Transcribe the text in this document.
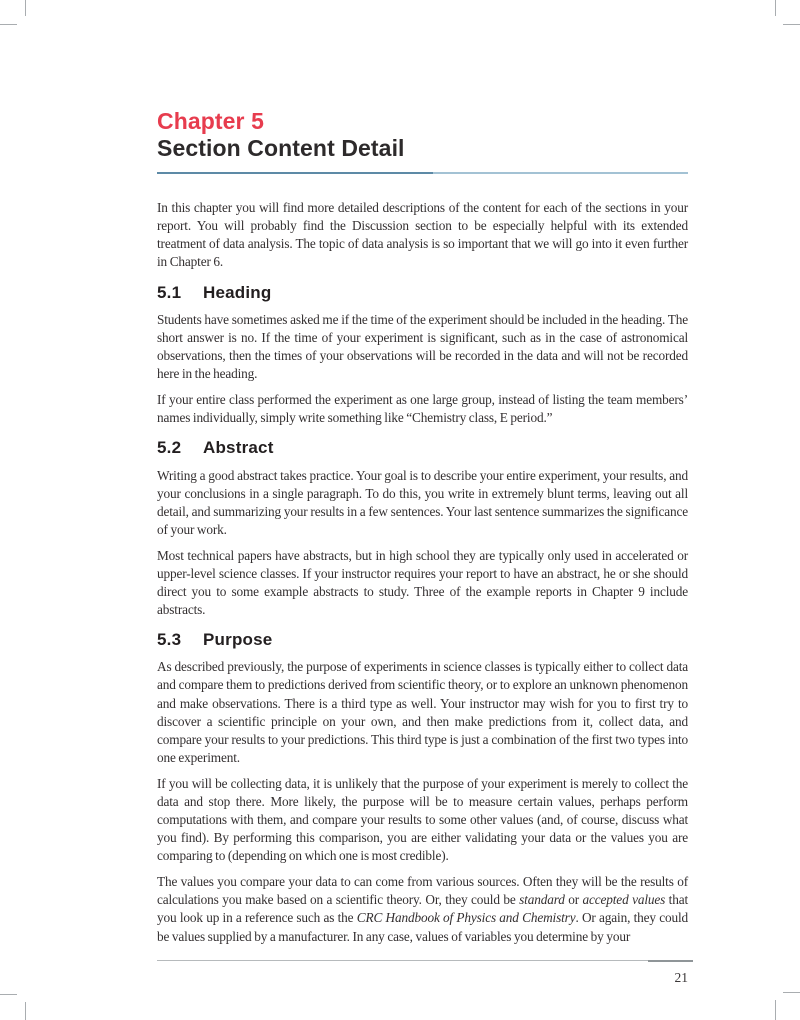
Chapter 5
Section Content Detail

In this chapter you will find more detailed descriptions of the content for each of the sections in your report. You will probably find the Discussion section to be especially helpful with its extended treatment of data analysis. The topic of data analysis is so important that we will go into it even further in Chapter 6.

5.1 Heading

Students have sometimes asked me if the time of the experiment should be included in the heading. The short answer is no. If the time of your experiment is significant, such as in the case of astronomical observations, then the times of your observations will be recorded in the data and will not be recorded here in the heading.

If your entire class performed the experiment as one large group, instead of listing the team members’ names individually, simply write something like “Chemistry class, E period.”

5.2 Abstract

Writing a good abstract takes practice. Your goal is to describe your entire experiment, your results, and your conclusions in a single paragraph. To do this, you write in extremely blunt terms, leaving out all detail, and summarizing your results in a few sentences. Your last sentence summarizes the significance of your work.

Most technical papers have abstracts, but in high school they are typically only used in accelerated or upper-level science classes. If your instructor requires your report to have an abstract, he or she should direct you to some example abstracts to study. Three of the example reports in Chapter 9 include abstracts.

5.3 Purpose

As described previously, the purpose of experiments in science classes is typically either to collect data and compare them to predictions derived from scientific theory, or to explore an unknown phenomenon and make observations. There is a third type as well. Your instructor may wish for you to first try to discover a scientific principle on your own, and then make predictions from it, collect data, and compare your results to your predictions. This third type is just a combination of the first two types into one experiment.

If you will be collecting data, it is unlikely that the purpose of your experiment is merely to collect the data and stop there. More likely, the purpose will be to measure certain values, perhaps perform computations with them, and compare your results to some other values (and, of course, discuss what you find). By performing this comparison, you are either validating your data or the values you are comparing to (depending on which one is most credible).

The values you compare your data to can come from various sources. Often they will be the results of calculations you make based on a scientific theory. Or, they could be standard or accepted values that you look up in a reference such as the CRC Handbook of Physics and Chemistry. Or again, they could be values supplied by a manufacturer. In any case, values of variables you determine by your

21
